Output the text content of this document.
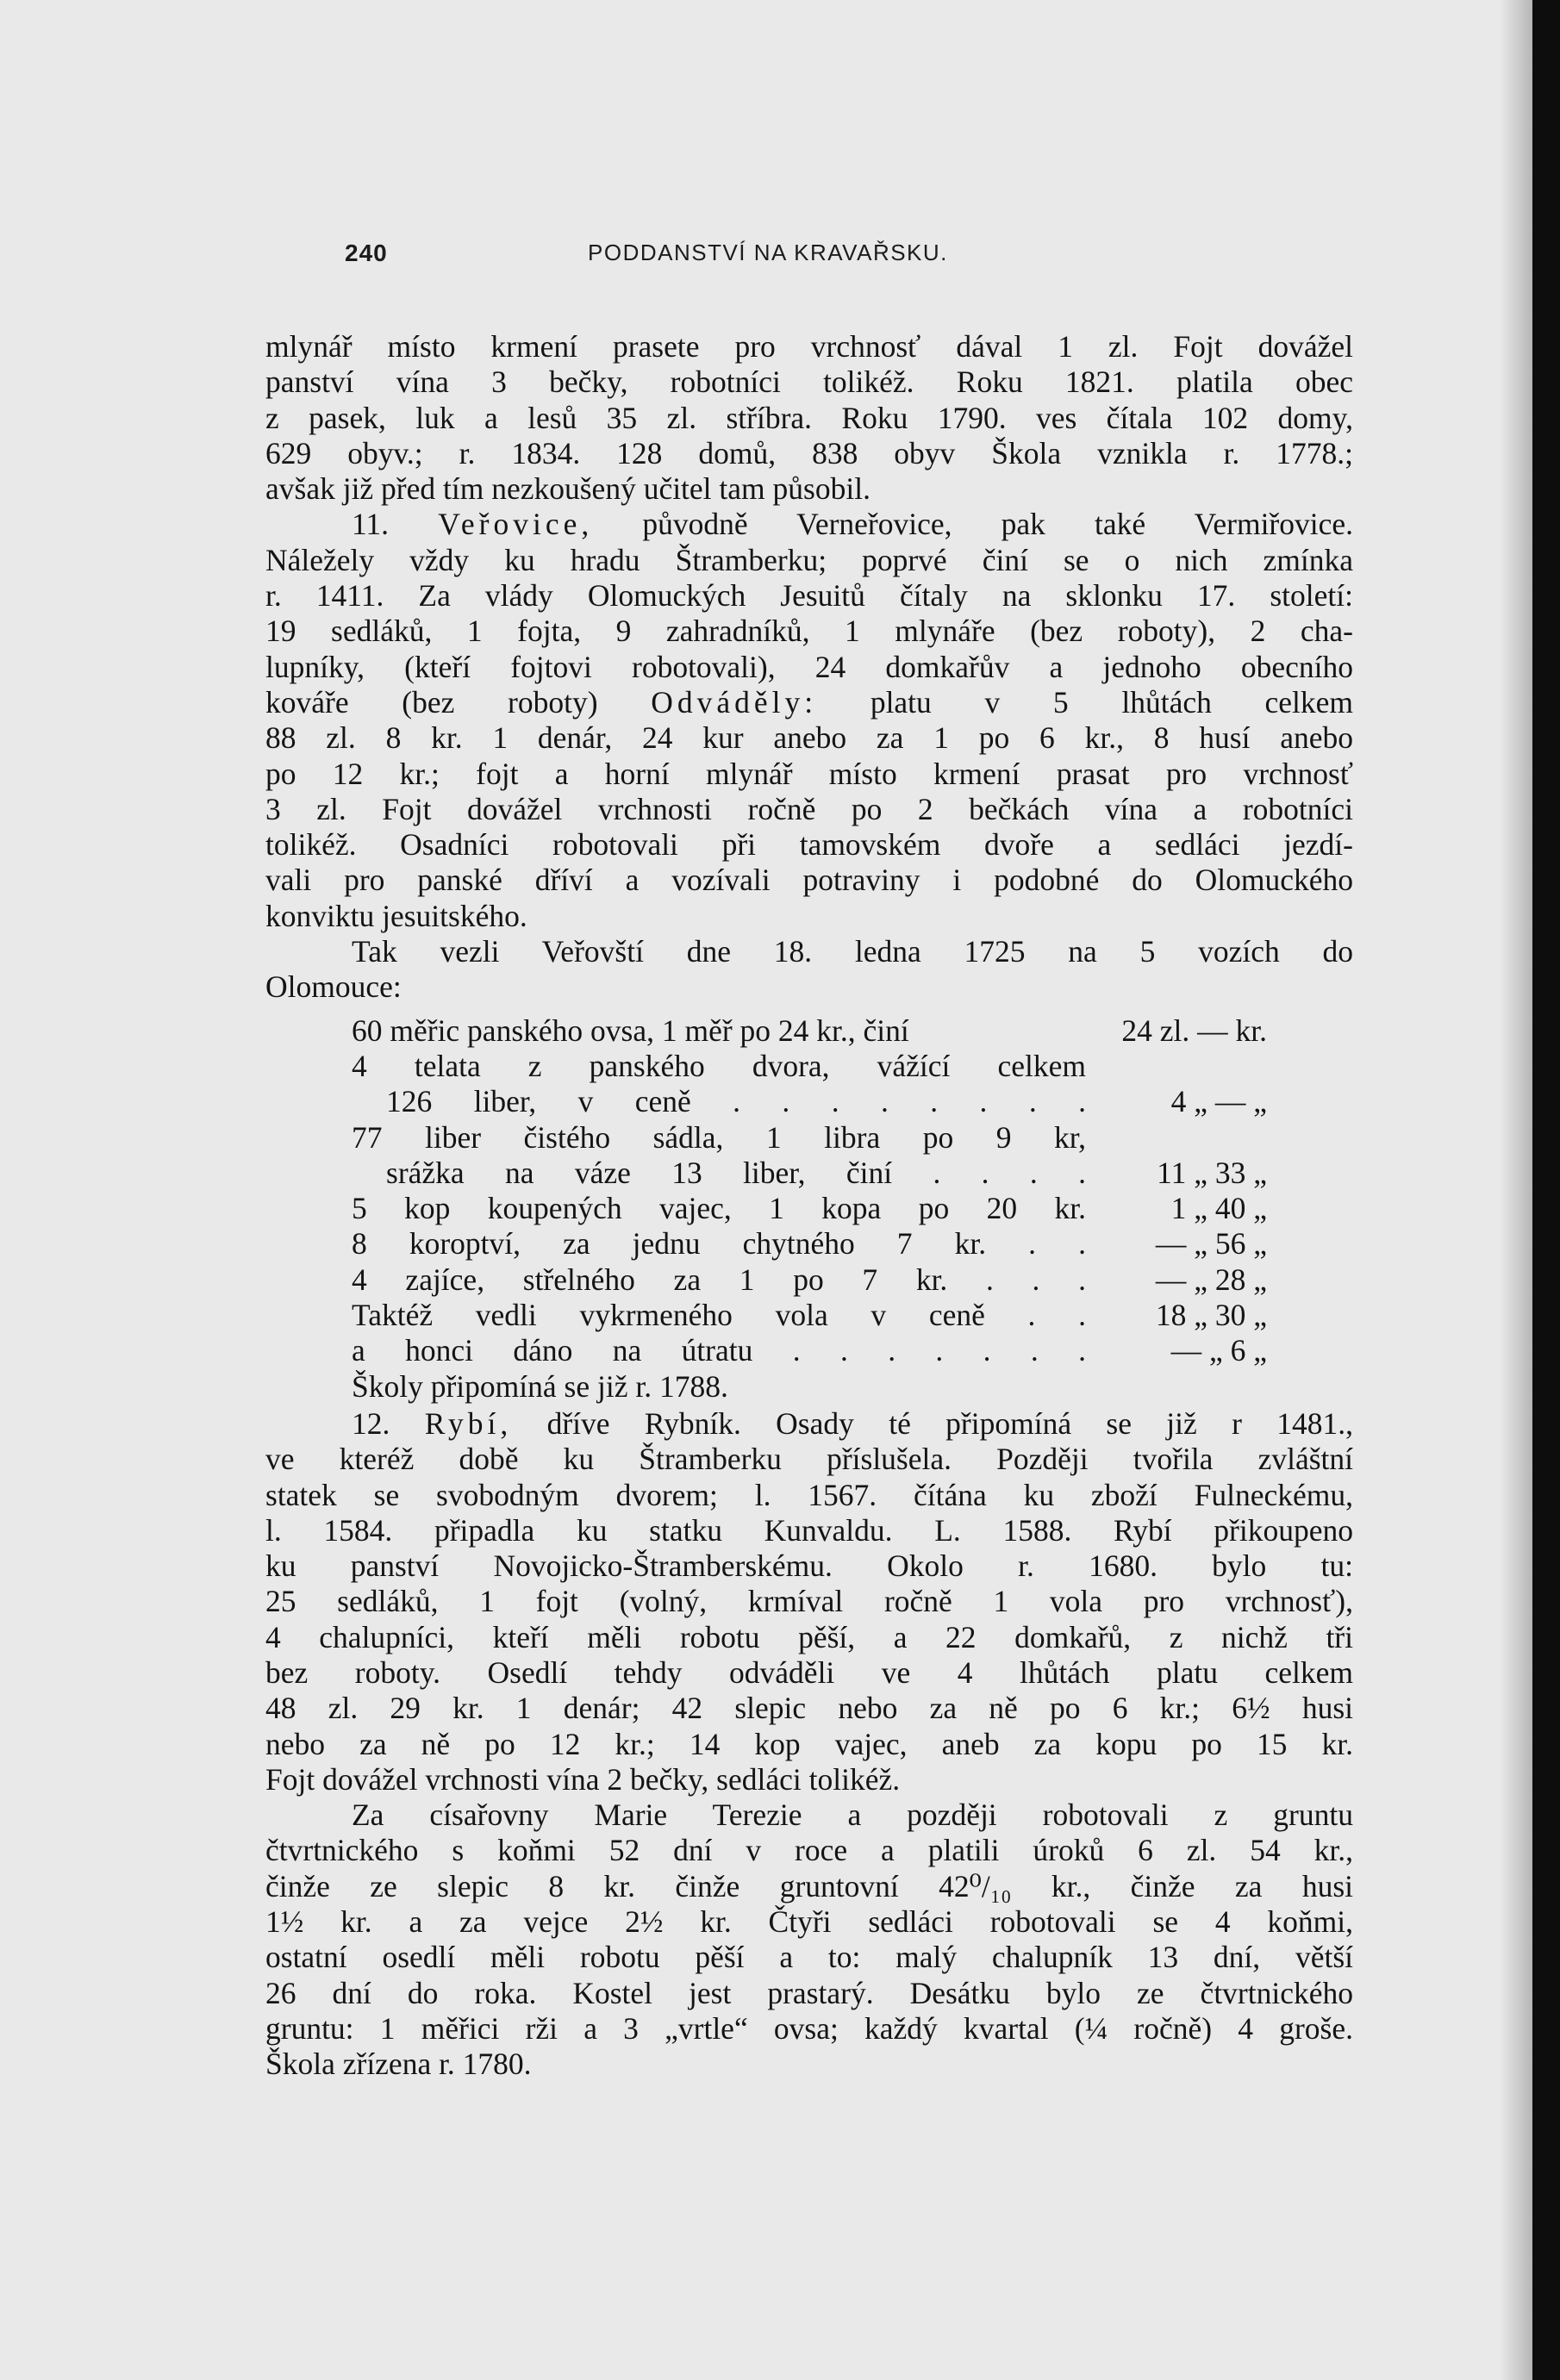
240	PODDANSTVÍ NA KRAVAŘSKU.

mlynář místo krmení prasete pro vrchnosť dával 1 zl. Fojt dovážel

panství vína 3 bečky, robotníci tolikéž. Roku 1821. platila obec

z pasek, luk a lesů 35 zl. stříbra. Roku 1790. ves čítala 102 domy,

629 obyv.; r. 1834. 128 domů, 838 obyv Škola vznikla r. 1778.;

avšak již před tím nezkoušený učitel tam působil.

11. Veřovice, původně Verneřovice, pak také Vermiřovice.

Náležely vždy ku hradu Štramberku; poprvé činí se o nich zmínka

r. 1411. Za vlády Olomuckých Jesuitů čítaly na sklonku 17. století:

19 sedláků, 1 fojta, 9 zahradníků, 1 mlynáře (bez roboty), 2 cha-

lupníky, (kteří fojtovi robotovali), 24 domkařův a jednoho obecního

kováře (bez roboty) Odváděly: platu v 5 lhůtách celkem

88 zl. 8 kr. 1 denár, 24 kur anebo za 1 po 6 kr., 8 husí anebo

po 12 kr.; fojt a horní mlynář místo krmení prasat pro vrchnosť

3 zl. Fojt dovážel vrchnosti ročně po 2 bečkách vína a robotníci

tolikéž. Osadníci robotovali při tamovském dvoře a sedláci jezdí-

vali pro panské dříví a vozívali potraviny i podobné do Olomuckého

konviktu jesuitského.

Tak vezli Veřovští dne 18. ledna 1725 na 5 vozích do

Olomouce:

60 měřic panského ovsa, 1 měř po 24 kr., činí	24 zl. — kr.
4 telata z panského dvora, vážící celkem
126 liber, v ceně . . . . . . . .	4 „ — „
77 liber čistého sádla, 1 libra po 9 kr,
srážka na váze 13 liber, činí . . . .	11 „ 33 „
5 kop koupených vajec, 1 kopa po 20 kr.	1 „ 40 „
8 koroptví, za jednu chytného 7 kr. . .	— „ 56 „
4 zajíce, střelného za 1 po 7 kr. . . .	— „ 28 „
Taktéž vedli vykrmeného vola v ceně . .	18 „ 30 „
a honci dáno na útratu . . . . . . .	— „ 6 „
Školy připomíná se již r. 1788.

12. Rybí, dříve Rybník. Osady té připomíná se již r 1481.,

ve kteréž době ku Štramberku příslušela. Později tvořila zvláštní

statek se svobodným dvorem; l. 1567. čítána ku zboží Fulneckému,

l. 1584. připadla ku statku Kunvaldu. L. 1588. Rybí přikoupeno

ku panství Novojicko-Štramberskému. Okolo r. 1680. bylo tu:

25 sedláků, 1 fojt (volný, krmíval ročně 1 vola pro vrchnosť),

4 chalupníci, kteří měli robotu pěší, a 22 domkařů, z nichž tři

bez roboty. Osedlí tehdy odváděli ve 4 lhůtách platu celkem

48 zl. 29 kr. 1 denár; 42 slepic nebo za ně po 6 kr.; 6½ husi

nebo za ně po 12 kr.; 14 kop vajec, aneb za kopu po 15 kr.

Fojt dovážel vrchnosti vína 2 bečky, sedláci tolikéž.

Za císařovny Marie Terezie a později robotovali z gruntu

čtvrtnického s koňmi 52 dní v roce a platili úroků 6 zl. 54 kr.,

činže ze slepic 8 kr. činže gruntovní 42⁰/₁₀ kr., činže za husi

1½ kr. a za vejce 2½ kr. Čtyři sedláci robotovali se 4 koňmi,

ostatní osedlí měli robotu pěší a to: malý chalupník 13 dní, větší

26 dní do roka. Kostel jest prastarý. Desátku bylo ze čtvrtnického

gruntu: 1 měřici rži a 3 „vrtle“ ovsa; každý kvartal (¼ ročně) 4 groše.

Škola zřízena r. 1780.
